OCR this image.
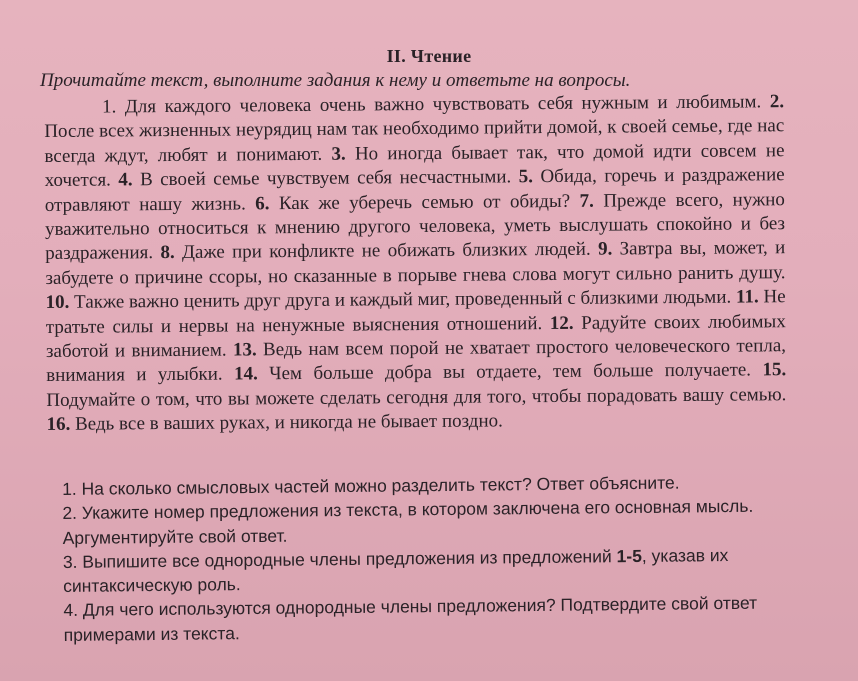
II. Чтение
Прочитайте текст, выполните задания к нему и ответьте на вопросы.
1. Для каждого человека очень важно чувствовать себя нужным и любимым. 2. После всех жизненных неурядиц нам так необходимо прийти домой, к своей семье, где нас всегда ждут, любят и понимают. 3. Но иногда бывает так, что домой идти совсем не хочется. 4. В своей семье чувствуем себя несчастными. 5. Обида, горечь и раздражение отравляют нашу жизнь. 6. Как же уберечь семью от обиды? 7. Прежде всего, нужно уважительно относиться к мнению другого человека, уметь выслушать спокойно и без раздражения. 8. Даже при конфликте не обижать близких людей. 9. Завтра вы, может, и забудете о причине ссоры, но сказанные в порыве гнева слова могут сильно ранить душу. 10. Также важно ценить друг друга и каждый миг, проведенный с близкими людьми. 11. Не тратьте силы и нервы на ненужные выяснения отношений. 12. Радуйте своих любимых заботой и вниманием. 13. Ведь нам всем порой не хватает простого человеческого тепла, внимания и улыбки. 14. Чем больше добра вы отдаете, тем больше получаете. 15. Подумайте о том, что вы можете сделать сегодня для того, чтобы порадовать вашу семью. 16. Ведь все в ваших руках, и никогда не бывает поздно.
1. На сколько смысловых частей можно разделить текст? Ответ объясните.
2. Укажите номер предложения из текста, в котором заключена его основная мысль. Аргументируйте свой ответ.
3. Выпишите все однородные члены предложения из предложений 1-5, указав их синтаксическую роль.
4. Для чего используются однородные члены предложения? Подтвердите свой ответ примерами из текста.
